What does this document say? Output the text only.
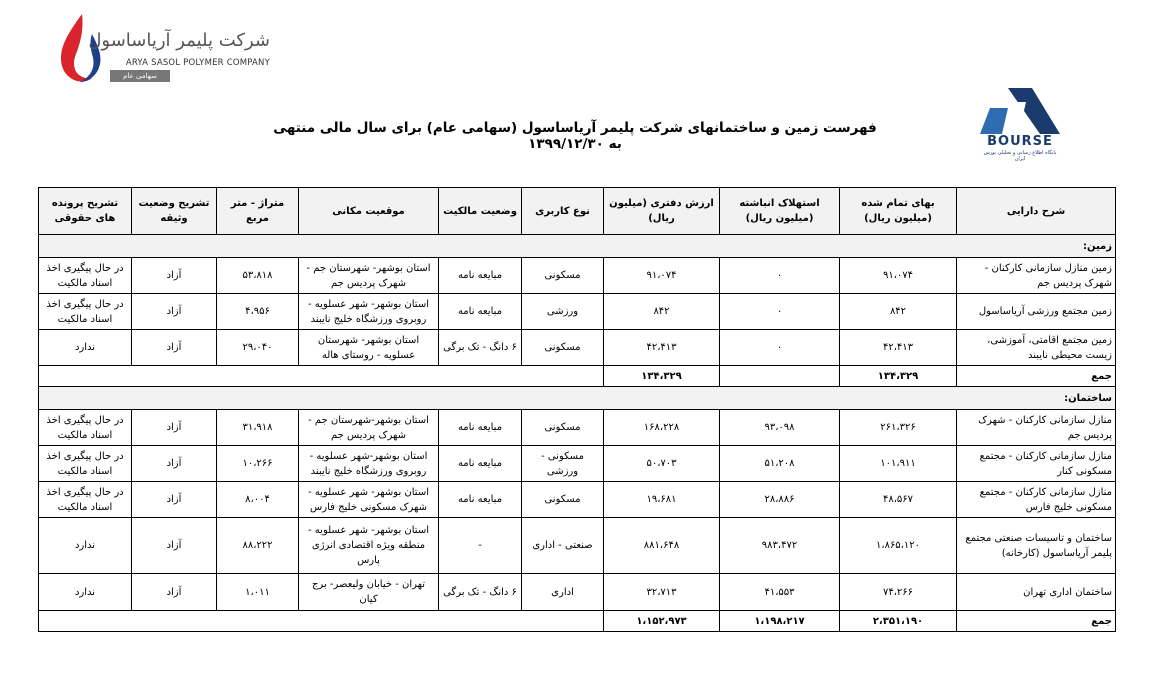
شرکت پلیمر آریاساسول
ARYA SASOL POLYMER COMPANY
سهامی عام
BOURSE
پایگاه اطلاع رسانی و تحلیلی بورس ایران
فهرست زمین و ساختمانهای شرکت پلیمر آریاساسول (سهامی عام) برای سال مالی منتهی به ۱۳۹۹/۱۲/۳۰
شرح دارایی	بهای تمام شده (میلیون ریال)	استهلاک انباشته (میلیون ریال)	ارزش دفتری (میلیون ریال)	نوع کاربری	وضعیت مالکیت	موقعیت مکانی	متراژ - متر مربع	تشریح وضعیت وثیقه	تشریح پرونده های حقوقی
زمین:									
زمین منازل سازمانی کارکنان - شهرک پردیس جم	۹۱،۰۷۴	۰	۹۱،۰۷۴	مسکونی	مبایعه نامه	استان بوشهر- شهرستان جم - شهرک پردیس جم	۵۳،۸۱۸	آزاد	در حال پیگیری اخذ اسناد مالکیت
زمین مجتمع ورزشی آریاساسول	۸۴۲	۰	۸۴۲	ورزشی	مبایعه نامه	استان بوشهر- شهر عسلویه - روبروی ورزشگاه خلیج نایبند	۴،۹۵۶	آزاد	در حال پیگیری اخذ اسناد مالکیت
زمین مجتمع اقامتی، آموزشی، زیست محیطی نایبند	۴۲،۴۱۳	۰	۴۲،۴۱۳	مسکونی	۶ دانگ - تک برگی	استان بوشهر- شهرستان عسلویه - روستای هاله	۲۹،۰۴۰	آزاد	ندارد
جمع	۱۳۴،۳۲۹		۱۳۴،۳۲۹						
ساختمان:									
منازل سازمانی کارکنان - شهرک پردیس جم	۲۶۱،۳۲۶	۹۳،۰۹۸	۱۶۸،۲۲۸	مسکونی	مبایعه نامه	استان بوشهر-شهرستان جم - شهرک پردیس جم	۳۱،۹۱۸	آزاد	در حال پیگیری اخذ اسناد مالکیت
منازل سازمانی کارکنان - مجتمع مسکونی کنار	۱۰۱،۹۱۱	۵۱،۲۰۸	۵۰،۷۰۳	مسکونی - ورزشی	مبایعه نامه	استان بوشهر-شهر عسلویه - روبروی ورزشگاه خلیج نایبند	۱۰،۲۶۶	آزاد	در حال پیگیری اخذ اسناد مالکیت
منازل سازمانی کارکنان - مجتمع مسکونی خلیج فارس	۴۸،۵۶۷	۲۸،۸۸۶	۱۹،۶۸۱	مسکونی	مبایعه نامه	استان بوشهر- شهر عسلویه - شهرک مسکونی خلیج فارس	۸،۰۰۴	آزاد	در حال پیگیری اخذ اسناد مالکیت
ساختمان و تاسیسات صنعتی مجتمع پلیمر آریاساسول (کارخانه)	۱،۸۶۵،۱۲۰	۹۸۳،۴۷۲	۸۸۱،۶۴۸	صنعتی - اداری	-	استان بوشهر- شهر عسلویه - منطقه ویژه اقتصادی انرژی پارس	۸۸،۲۲۲	آزاد	ندارد
ساختمان اداری تهران	۷۴،۲۶۶	۴۱،۵۵۳	۳۲،۷۱۳	اداری	۶ دانگ - تک برگی	تهران - خیابان ولیعصر- برج کیان	۱،۰۱۱	آزاد	ندارد
جمع	۲،۳۵۱،۱۹۰	۱،۱۹۸،۲۱۷	۱،۱۵۲،۹۷۳						
